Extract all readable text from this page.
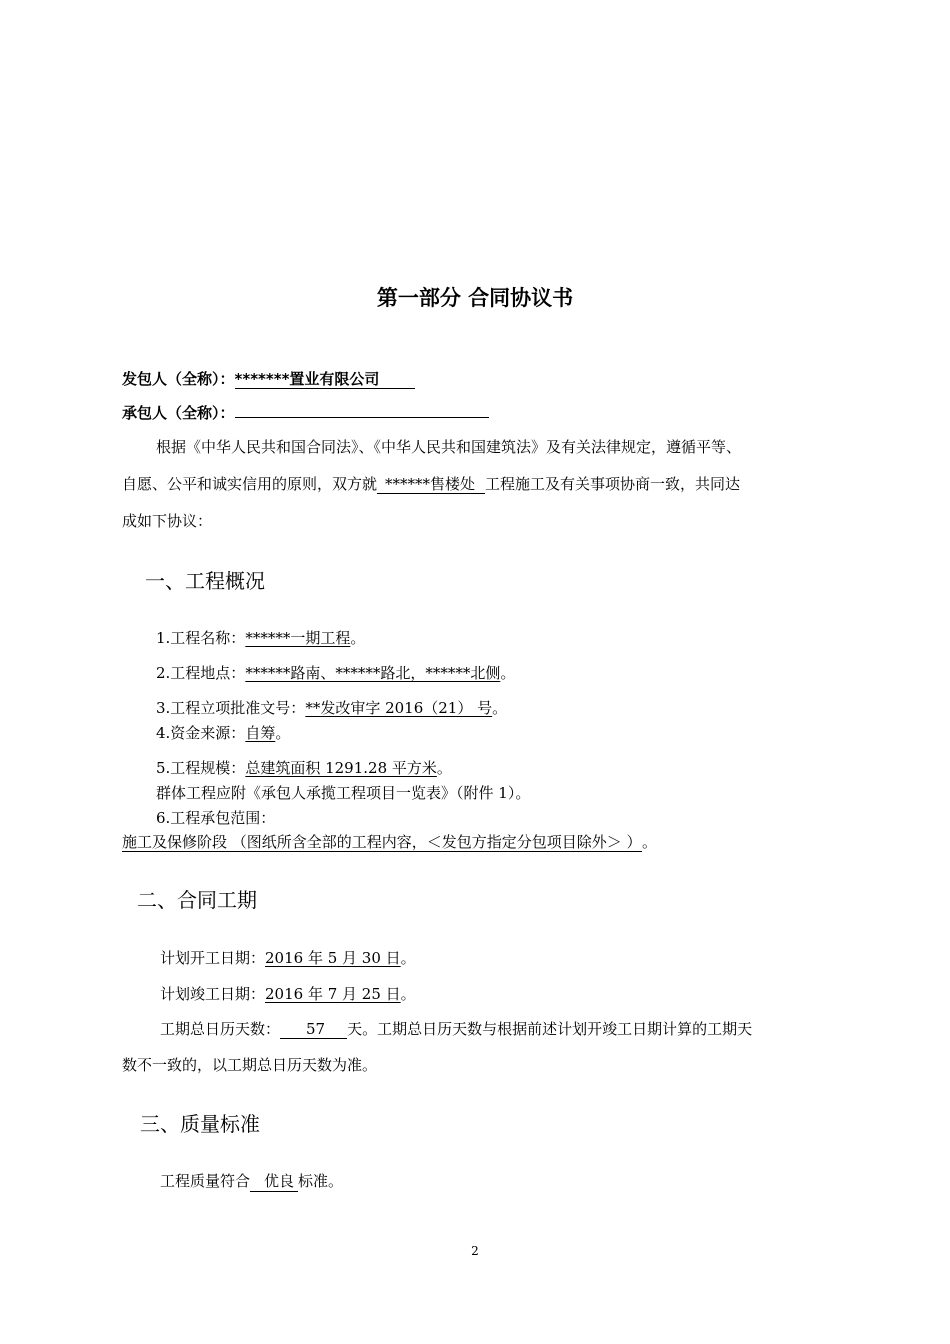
第一部分 合同协议书
发包人（全称）：*******置业有限公司
承包人（全称）：
根据《中华人民共和国合同法》、《中华人民共和国建筑法》及有关法律规定，遵循平等、
自愿、公平和诚实信用的原则，双方就 ******售楼处 工程施工及有关事项协商一致，共同达
成如下协议：
一、工程概况
1.工程名称：******一期工程。
2.工程地点：******路南、******路北，******北侧。
3.工程立项批准文号：**发改审字 2016（21） 号。
4.资金来源：自筹。
5.工程规模：总建筑面积 1291.28 平方米。
群体工程应附《承包人承揽工程项目一览表》（附件 1）。
6.工程承包范围：
施工及保修阶段 （图纸所含全部的工程内容，＜发包方指定分包项目除外＞ ） 。
二、合同工期
计划开工日期：2016 年 5 月 30 日。
计划竣工日期：2016 年 7 月 25 日。
工期总日历天数： 57 天。工期总日历天数与根据前述计划开竣工日期计算的工期天
数不一致的，以工期总日历天数为准。
三、质量标准
工程质量符合 优良 标准。
2
